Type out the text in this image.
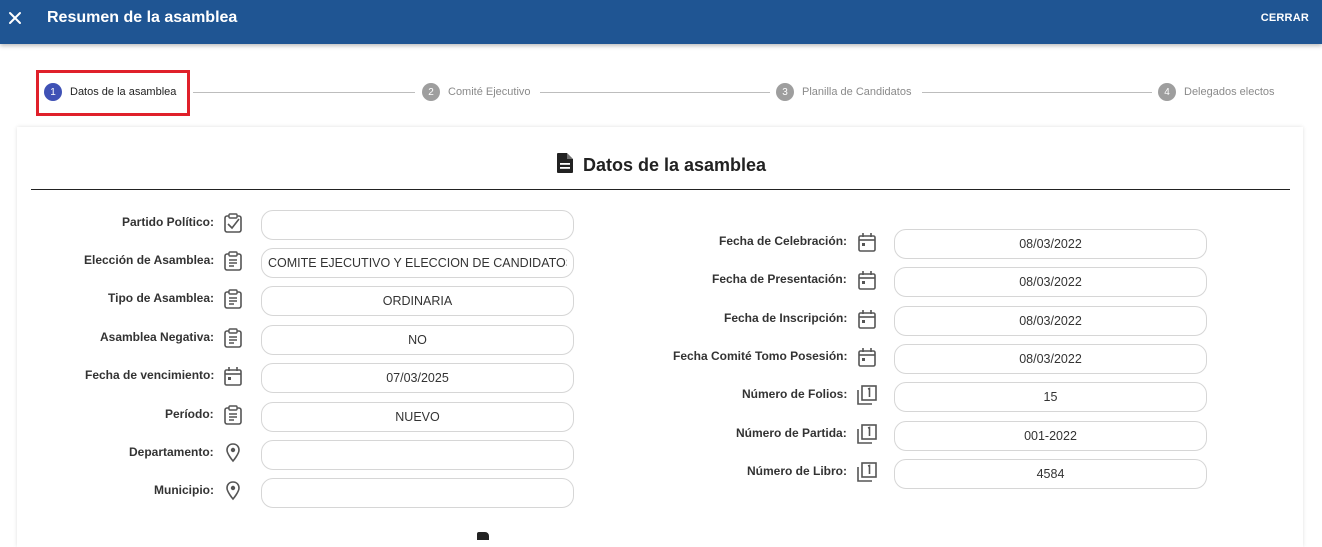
Resumen de la asamblea	CERRAR
1	Datos de la asamblea	2	Comité Ejecutivo	3	Planilla de Candidatos	4	Delegados electos
Datos de la asamblea
Partido Político:
Elección de Asamblea:
COMITE EJECUTIVO Y ELECCION DE CANDIDATOS
Tipo de Asamblea:
ORDINARIA
Asamblea Negativa:
NO
Fecha de vencimiento:
07/03/2025
Período:
NUEVO
Departamento:
Municipio:
Fecha de Celebración:
08/03/2022
Fecha de Presentación:
08/03/2022
Fecha de Inscripción:
08/03/2022
Fecha Comité Tomo Posesión:
08/03/2022
Número de Folios:
15
Número de Partida:
001-2022
Número de Libro:
4584
